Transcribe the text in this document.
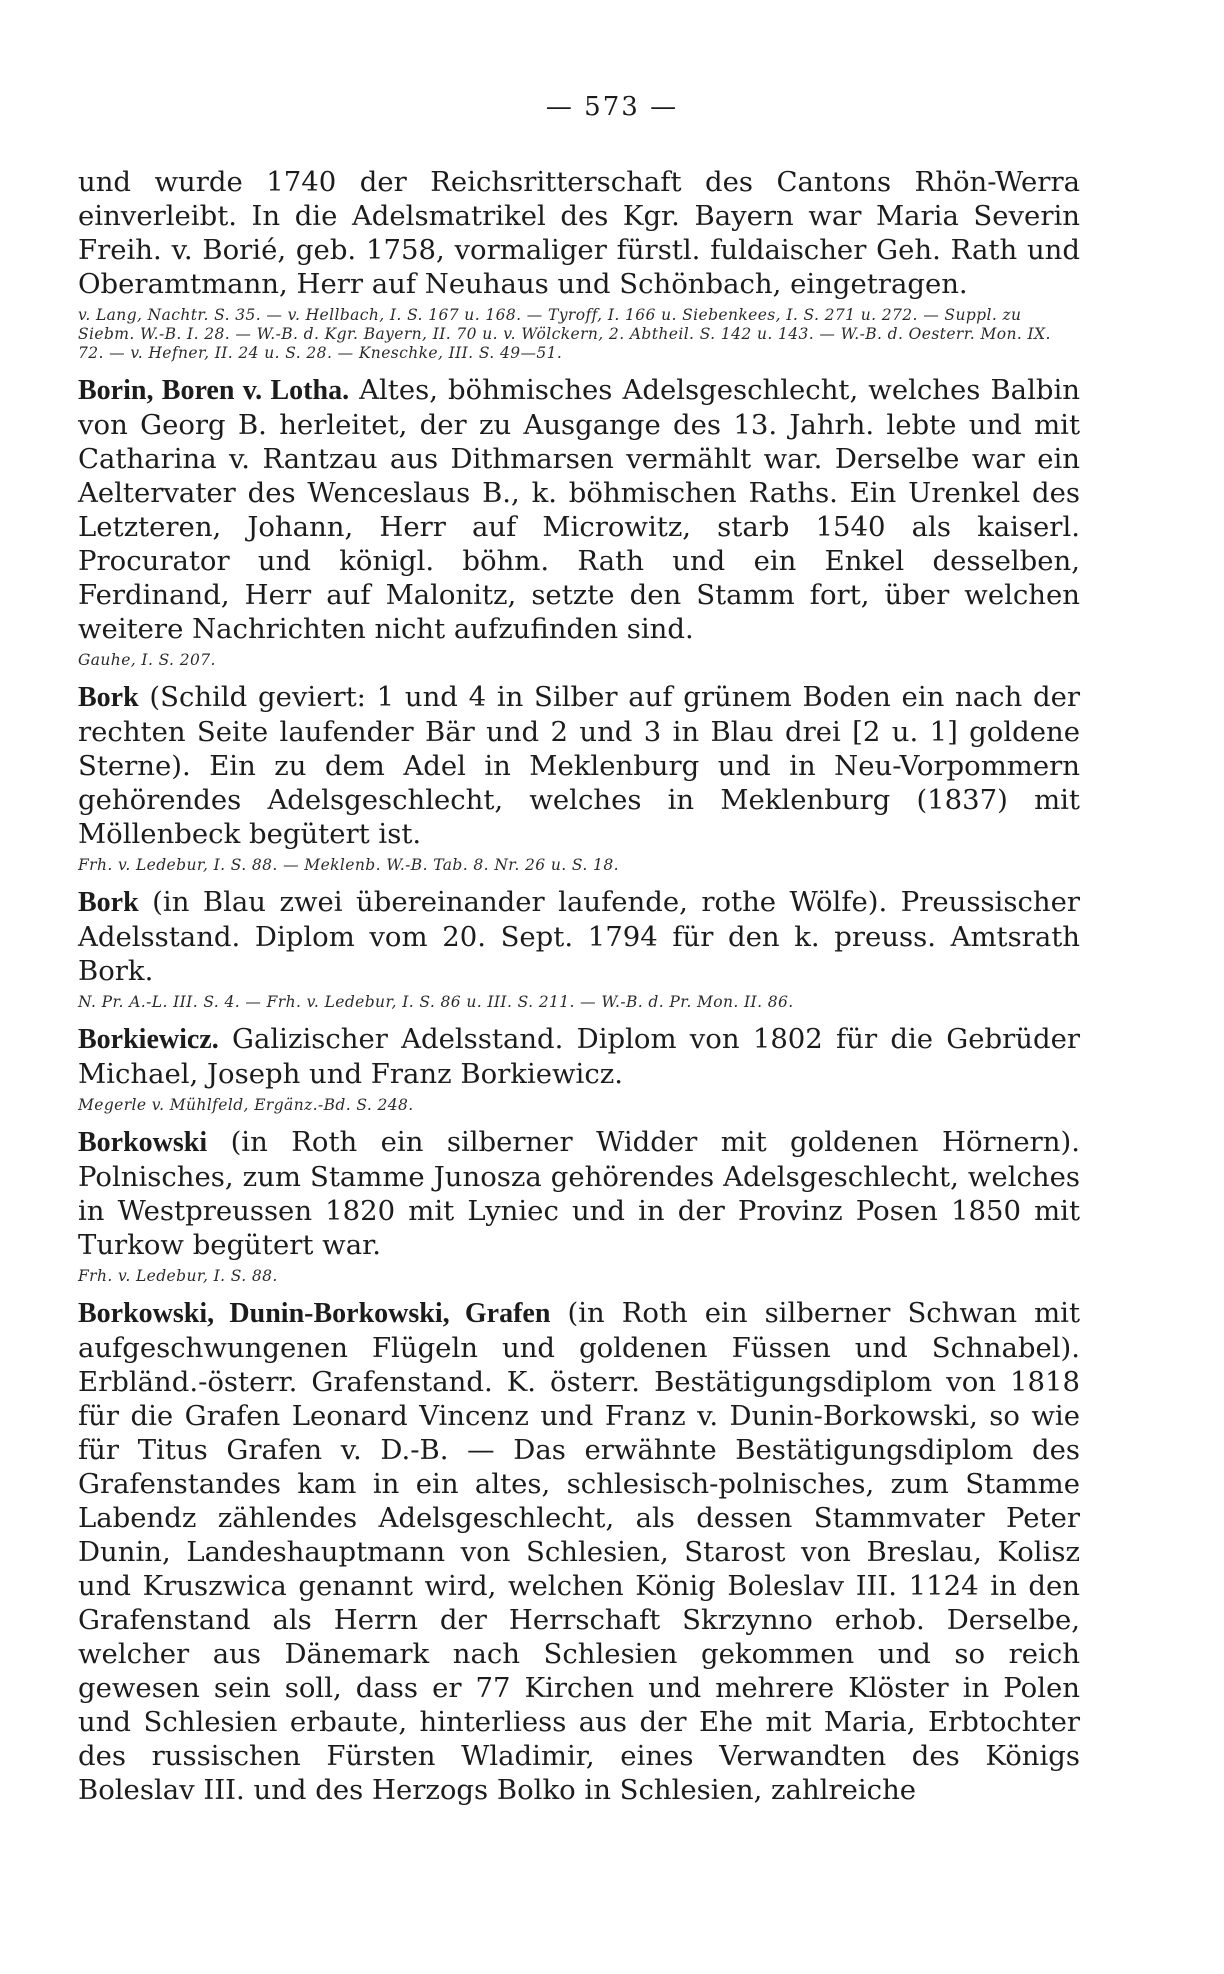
— 573 —

und wurde 1740 der Reichsritterschaft des Cantons Rhön-Werra einverleibt. In die Adelsmatrikel des Kgr. Bayern war Maria Severin Freih. v. Borié, geb. 1758, vormaliger fürstl. fuldaischer Geh. Rath und Oberamtmann, Herr auf Neuhaus und Schönbach, eingetragen.

v. Lang, Nachtr. S. 35. — v. Hellbach, I. S. 167 u. 168. — Tyroff, I. 166 u. Siebenkees, I. S. 271 u. 272. — Suppl. zu Siebm. W.-B. I. 28. — W.-B. d. Kgr. Bayern, II. 70 u. v. Wölckern, 2. Abtheil. S. 142 u. 143. — W.-B. d. Oesterr. Mon. IX. 72. — v. Hefner, II. 24 u. S. 28. — Kneschke, III. S. 49—51.

Borin, Boren v. Lotha. Altes, böhmisches Adelsgeschlecht, welches Balbin von Georg B. herleitet, der zu Ausgange des 13. Jahrh. lebte und mit Catharina v. Rantzau aus Dithmarsen vermählt war. Derselbe war ein Aeltervater des Wenceslaus B., k. böhmischen Raths. Ein Urenkel des Letzteren, Johann, Herr auf Microwitz, starb 1540 als kaiserl. Procurator und königl. böhm. Rath und ein Enkel desselben, Ferdinand, Herr auf Malonitz, setzte den Stamm fort, über welchen weitere Nachrichten nicht aufzufinden sind.

Gauhe, I. S. 207.

Bork (Schild geviert: 1 und 4 in Silber auf grünem Boden ein nach der rechten Seite laufender Bär und 2 und 3 in Blau drei [2 u. 1] goldene Sterne). Ein zu dem Adel in Meklenburg und in Neu-Vorpommern gehörendes Adelsgeschlecht, welches in Meklenburg (1837) mit Möllenbeck begütert ist.

Frh. v. Ledebur, I. S. 88. — Meklenb. W.-B. Tab. 8. Nr. 26 u. S. 18.

Bork (in Blau zwei übereinander laufende, rothe Wölfe). Preussischer Adelsstand. Diplom vom 20. Sept. 1794 für den k. preuss. Amtsrath Bork.

N. Pr. A.-L. III. S. 4. — Frh. v. Ledebur, I. S. 86 u. III. S. 211. — W.-B. d. Pr. Mon. II. 86.

Borkiewicz. Galizischer Adelsstand. Diplom von 1802 für die Gebrüder Michael, Joseph und Franz Borkiewicz.

Megerle v. Mühlfeld, Ergänz.-Bd. S. 248.

Borkowski (in Roth ein silberner Widder mit goldenen Hörnern). Polnisches, zum Stamme Junosza gehörendes Adelsgeschlecht, welches in Westpreussen 1820 mit Lyniec und in der Provinz Posen 1850 mit Turkow begütert war.

Frh. v. Ledebur, I. S. 88.

Borkowski, Dunin-Borkowski, Grafen (in Roth ein silberner Schwan mit aufgeschwungenen Flügeln und goldenen Füssen und Schnabel). Erbländ.-österr. Grafenstand. K. österr. Bestätigungsdiplom von 1818 für die Grafen Leonard Vincenz und Franz v. Dunin-Borkowski, so wie für Titus Grafen v. D.-B. — Das erwähnte Bestätigungsdiplom des Grafenstandes kam in ein altes, schlesisch-polnisches, zum Stamme Labendz zählendes Adelsgeschlecht, als dessen Stammvater Peter Dunin, Landeshauptmann von Schlesien, Starost von Breslau, Kolisz und Kruszwica genannt wird, welchen König Boleslav III. 1124 in den Grafenstand als Herrn der Herrschaft Skrzynno erhob. Derselbe, welcher aus Dänemark nach Schlesien gekommen und so reich gewesen sein soll, dass er 77 Kirchen und mehrere Klöster in Polen und Schlesien erbaute, hinterliess aus der Ehe mit Maria, Erbtochter des russischen Fürsten Wladimir, eines Verwandten des Königs Boleslav III. und des Herzogs Bolko in Schlesien, zahlreiche
